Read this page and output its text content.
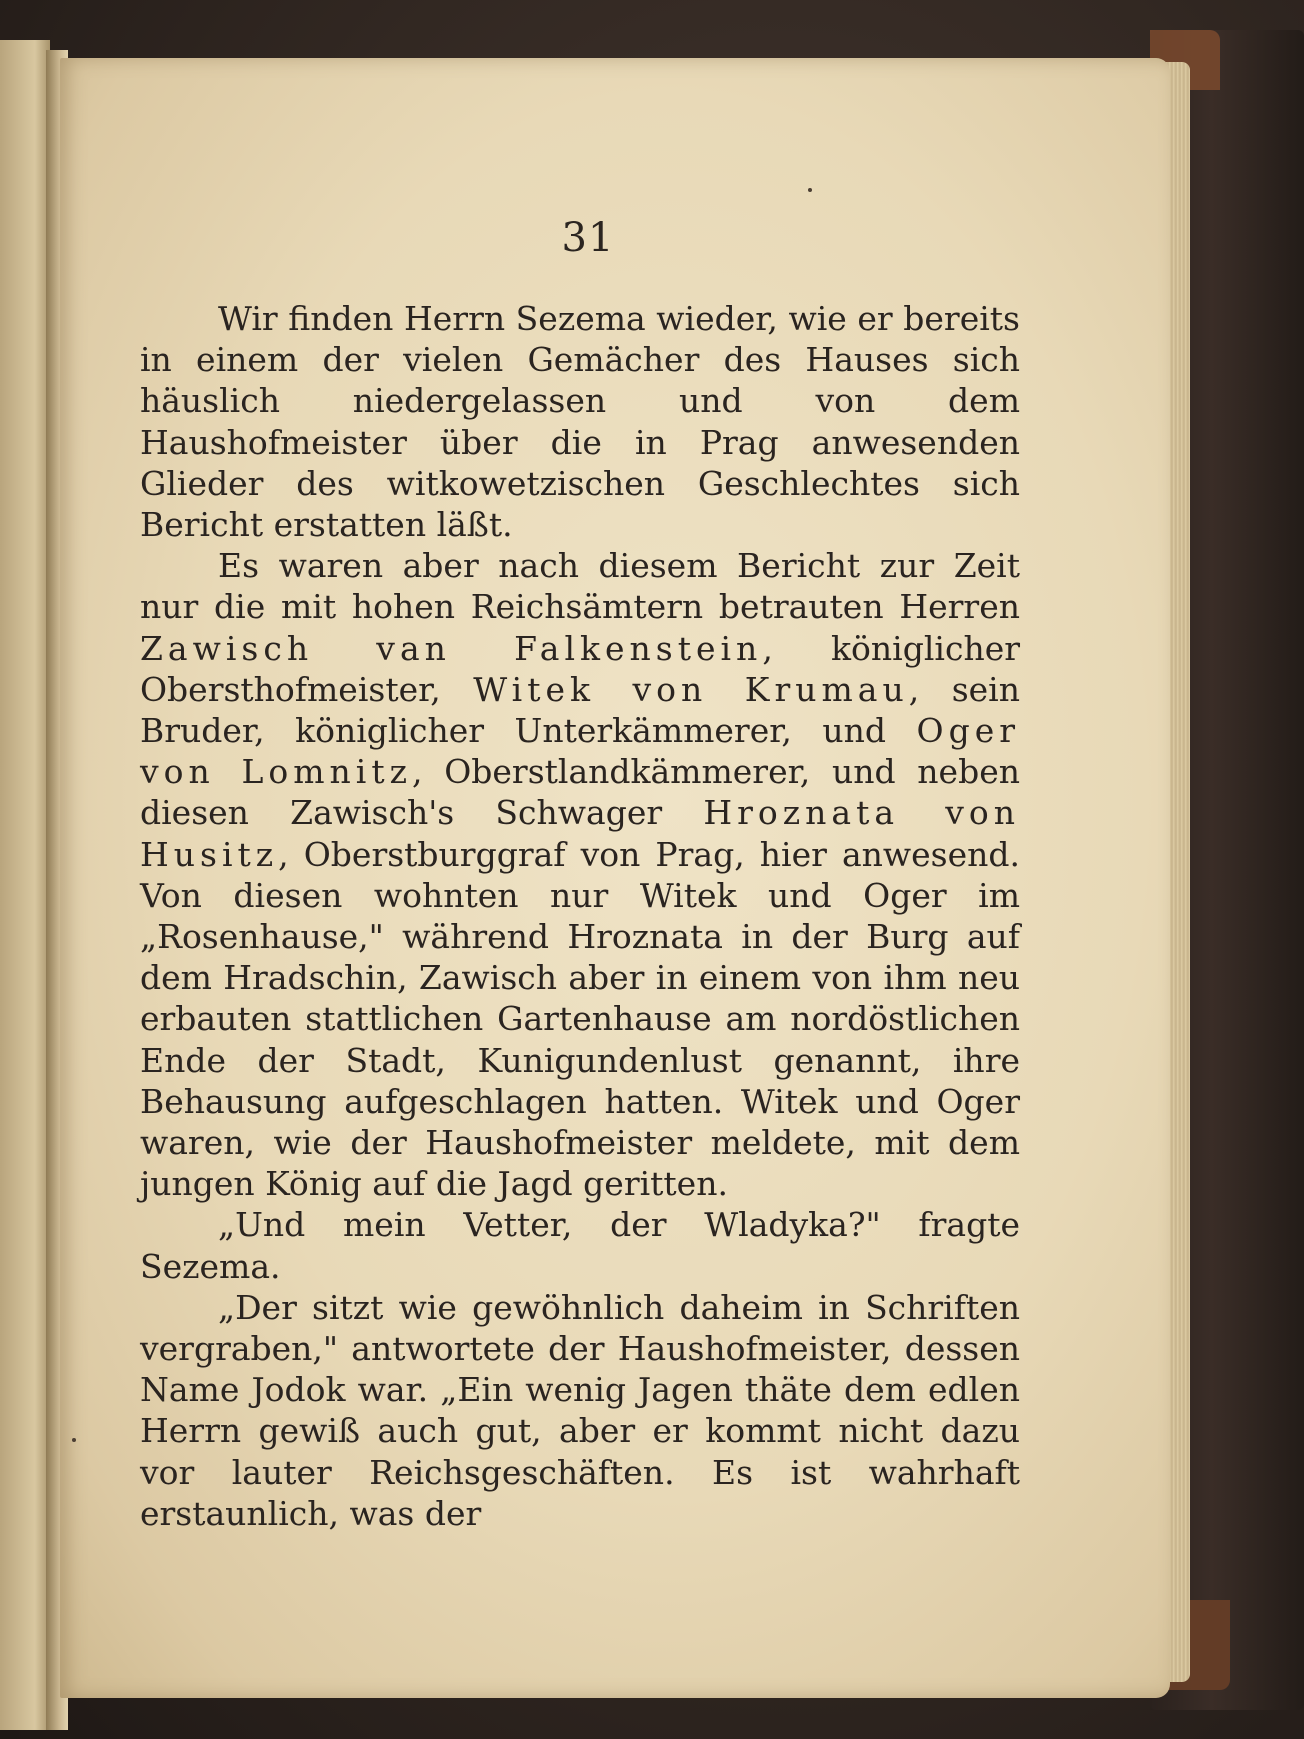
31

Wir finden Herrn Sezema wieder, wie er bereits in einem der vielen Gemächer des Hauses sich häuslich niedergelassen und von dem Haushofmeister über die in Prag anwesenden Glieder des witkowetzischen Geschlechtes sich Bericht erstatten läßt.

Es waren aber nach diesem Bericht zur Zeit nur die mit hohen Reichsämtern betrauten Herren Zawisch van Falkenstein, königlicher Obersthofmeister, Witek von Krumau, sein Bruder, königlicher Unterkämmerer, und Oger von Lomnitz, Oberstlandkämmerer, und neben diesen Zawisch's Schwager Hroznata von Husitz, Oberstburggraf von Prag, hier anwesend. Von diesen wohnten nur Witek und Oger im „Rosenhause," während Hroznata in der Burg auf dem Hradschin, Zawisch aber in einem von ihm neu erbauten stattlichen Gartenhause am nordöstlichen Ende der Stadt, Kunigundenlust genannt, ihre Behausung aufgeschlagen hatten. Witek und Oger waren, wie der Haushofmeister meldete, mit dem jungen König auf die Jagd geritten.

„Und mein Vetter, der Wladyka?" fragte Sezema.

„Der sitzt wie gewöhnlich daheim in Schriften vergraben," antwortete der Haushofmeister, dessen Name Jodok war. „Ein wenig Jagen thäte dem edlen Herrn gewiß auch gut, aber er kommt nicht dazu vor lauter Reichsgeschäften. Es ist wahrhaft erstaunlich, was der
